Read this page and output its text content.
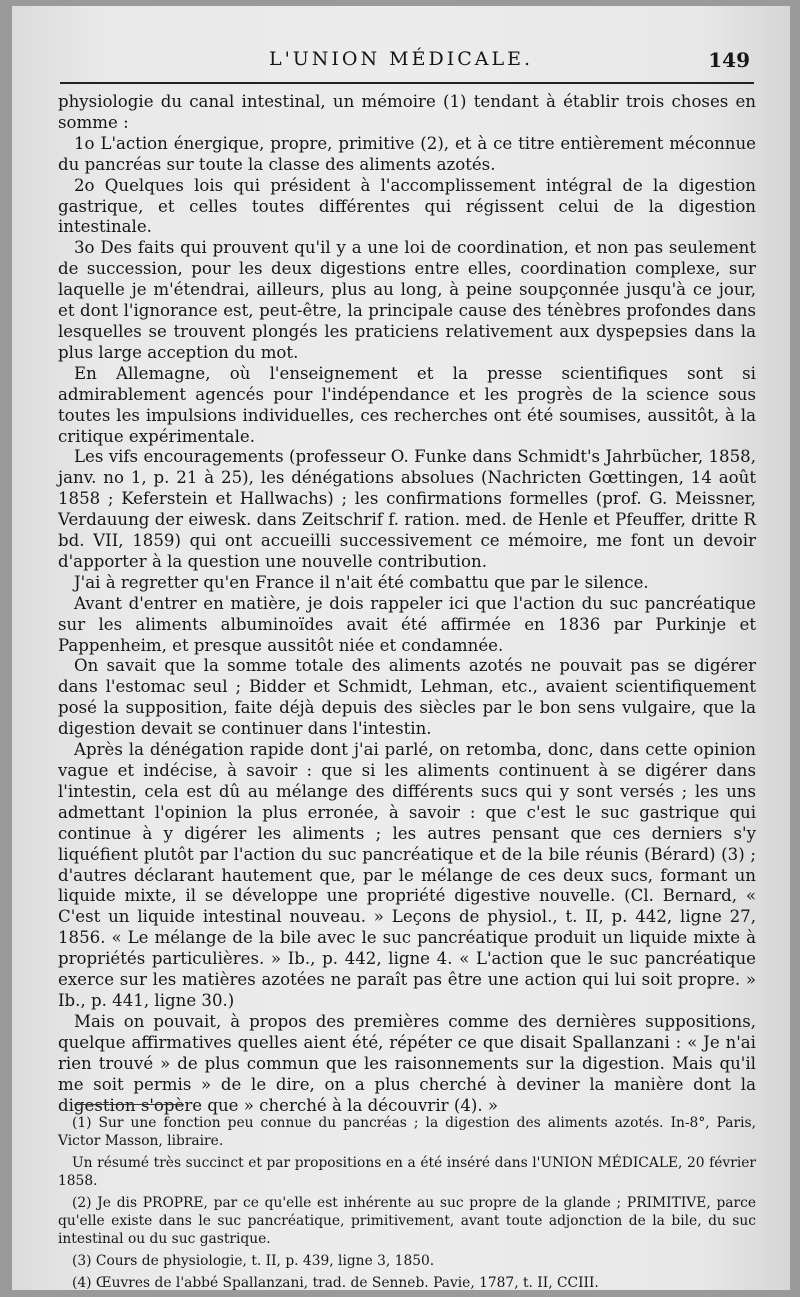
L'UNION MÉDICALE.	149

physiologie du canal intestinal, un mémoire (1) tendant à établir trois choses en somme :

1o L'action énergique, propre, primitive (2), et à ce titre entièrement méconnue du pancréas sur toute la classe des aliments azotés.

2o Quelques lois qui président à l'accomplissement intégral de la digestion gastrique, et celles toutes différentes qui régissent celui de la digestion intestinale.

3o Des faits qui prouvent qu'il y a une loi de coordination, et non pas seulement de succession, pour les deux digestions entre elles, coordination complexe, sur laquelle je m'étendrai, ailleurs, plus au long, à peine soupçonnée jusqu'à ce jour, et dont l'ignorance est, peut-être, la principale cause des ténèbres profondes dans lesquelles se trouvent plongés les praticiens relativement aux dyspepsies dans la plus large acception du mot.

En Allemagne, où l'enseignement et la presse scientifiques sont si admirablement agencés pour l'indépendance et les progrès de la science sous toutes les impulsions individuelles, ces recherches ont été soumises, aussitôt, à la critique expérimentale.

Les vifs encouragements (professeur O. Funke dans Schmidt's Jahrbücher, 1858, janv. no 1, p. 21 à 25), les dénégations absolues (Nachricten Gœttingen, 14 août 1858 ; Keferstein et Hallwachs) ; les confirmations formelles (prof. G. Meissner, Verdauung der eiwesk. dans Zeitschrif f. ration. med. de Henle et Pfeuffer, dritte R bd. VII, 1859) qui ont accueilli successivement ce mémoire, me font un devoir d'apporter à la question une nouvelle contribution.

J'ai à regretter qu'en France il n'ait été combattu que par le silence.

Avant d'entrer en matière, je dois rappeler ici que l'action du suc pancréatique sur les aliments albuminoïdes avait été affirmée en 1836 par Purkinje et Pappenheim, et presque aussitôt niée et condamnée.

On savait que la somme totale des aliments azotés ne pouvait pas se digérer dans l'estomac seul ; Bidder et Schmidt, Lehman, etc., avaient scientifiquement posé la supposition, faite déjà depuis des siècles par le bon sens vulgaire, que la digestion devait se continuer dans l'intestin.

Après la dénégation rapide dont j'ai parlé, on retomba, donc, dans cette opinion vague et indécise, à savoir : que si les aliments continuent à se digérer dans l'intestin, cela est dû au mélange des différents sucs qui y sont versés ; les uns admettant l'opinion la plus erronée, à savoir : que c'est le suc gastrique qui continue à y digérer les aliments ; les autres pensant que ces derniers s'y liquéfient plutôt par l'action du suc pancréatique et de la bile réunis (Bérard) (3) ; d'autres déclarant hautement que, par le mélange de ces deux sucs, formant un liquide mixte, il se développe une propriété digestive nouvelle. (Cl. Bernard, « C'est un liquide intestinal nouveau. » Leçons de physiol., t. II, p. 442, ligne 27, 1856. « Le mélange de la bile avec le suc pancréatique produit un liquide mixte à propriétés particulières. » Ib., p. 442, ligne 4. « L'action que le suc pancréatique exerce sur les matières azotées ne paraît pas être une action qui lui soit propre. » Ib., p. 441, ligne 30.)

Mais on pouvait, à propos des premières comme des dernières suppositions, quelque affirmatives quelles aient été, répéter ce que disait Spallanzani : « Je n'ai rien trouvé » de plus commun que les raisonnements sur la digestion. Mais qu'il me soit permis » de le dire, on a plus cherché à deviner la manière dont la digestion s'opère que » cherché à la découvrir (4). »

(1) Sur une fonction peu connue du pancréas ; la digestion des aliments azotés. In-8°, Paris, Victor Masson, libraire.

Un résumé très succinct et par propositions en a été inséré dans l'UNION MÉDICALE, 20 février 1858.

(2) Je dis PROPRE, par ce qu'elle est inhérente au suc propre de la glande ; PRIMITIVE, parce qu'elle existe dans le suc pancréatique, primitivement, avant toute adjonction de la bile, du suc intestinal ou du suc gastrique.

(3) Cours de physiologie, t. II, p. 439, ligne 3, 1850.

(4) Œuvres de l'abbé Spallanzani, trad. de Senneb. Pavie, 1787, t. II, CCIII.
